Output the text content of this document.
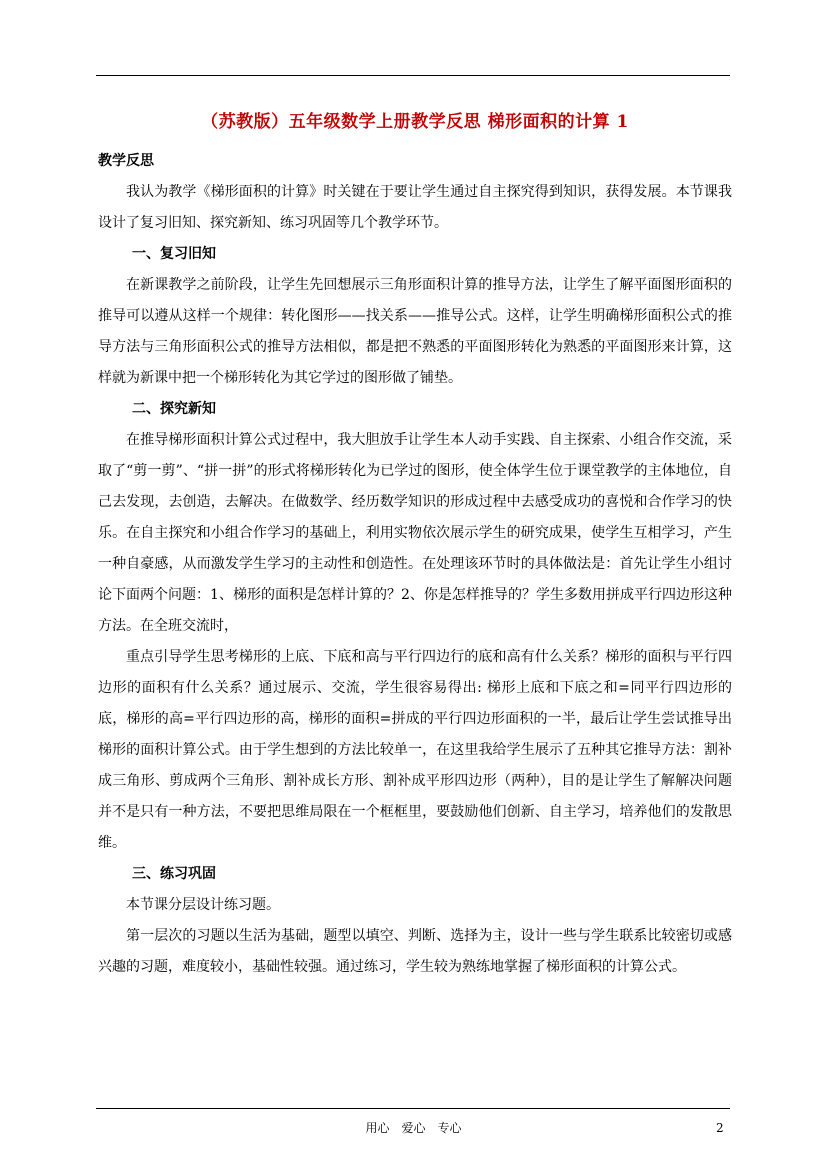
（苏教版）五年级数学上册教学反思 梯形面积的计算 1

教学反思

我认为教学《梯形面积的计算》时关键在于要让学生通过自主探究得到知识，获得发展。本节课我设计了复习旧知、探究新知、练习巩固等几个教学环节。

一、复习旧知

在新课教学之前阶段，让学生先回想展示三角形面积计算的推导方法，让学生了解平面图形面积的推导可以遵从这样一个规律：转化图形——找关系——推导公式。这样，让学生明确梯形面积公式的推导方法与三角形面积公式的推导方法相似，都是把不熟悉的平面图形转化为熟悉的平面图形来计算，这样就为新课中把一个梯形转化为其它学过的图形做了铺垫。

二、探究新知

在推导梯形面积计算公式过程中，我大胆放手让学生本人动手实践、自主探索、小组合作交流，采取了“剪一剪”、“拼一拼”的形式将梯形转化为已学过的图形，使全体学生位于课堂教学的主体地位，自己去发现，去创造，去解决。在做数学、经历数学知识的形成过程中去感受成功的喜悦和合作学习的快乐。在自主探究和小组合作学习的基础上，利用实物依次展示学生的研究成果，使学生互相学习，产生一种自豪感，从而激发学生学习的主动性和创造性。在处理该环节时的具体做法是：首先让学生小组讨论下面两个问题：1、梯形的面积是怎样计算的？2、你是怎样推导的？学生多数用拼成平行四边形这种方法。在全班交流时，

重点引导学生思考梯形的上底、下底和高与平行四边行的底和高有什么关系？梯形的面积与平行四边形的面积有什么关系？通过展示、交流，学生很容易得出: 梯形上底和下底之和=同平行四边形的底，梯形的高=平行四边形的高，梯形的面积=拼成的平行四边形面积的一半，最后让学生尝试推导出梯形的面积计算公式。由于学生想到的方法比较单一，在这里我给学生展示了五种其它推导方法：割补成三角形、剪成两个三角形、割补成长方形、割补成平形四边形（两种），目的是让学生了解解决问题并不是只有一种方法，不要把思维局限在一个框框里，要鼓励他们创新、自主学习，培养他们的发散思维。

三、练习巩固

本节课分层设计练习题。

第一层次的习题以生活为基础，题型以填空、判断、选择为主，设计一些与学生联系比较密切或感兴趣的习题，难度较小，基础性较强。通过练习，学生较为熟练地掌握了梯形面积的计算公式。

用心　爱心　专心	2
